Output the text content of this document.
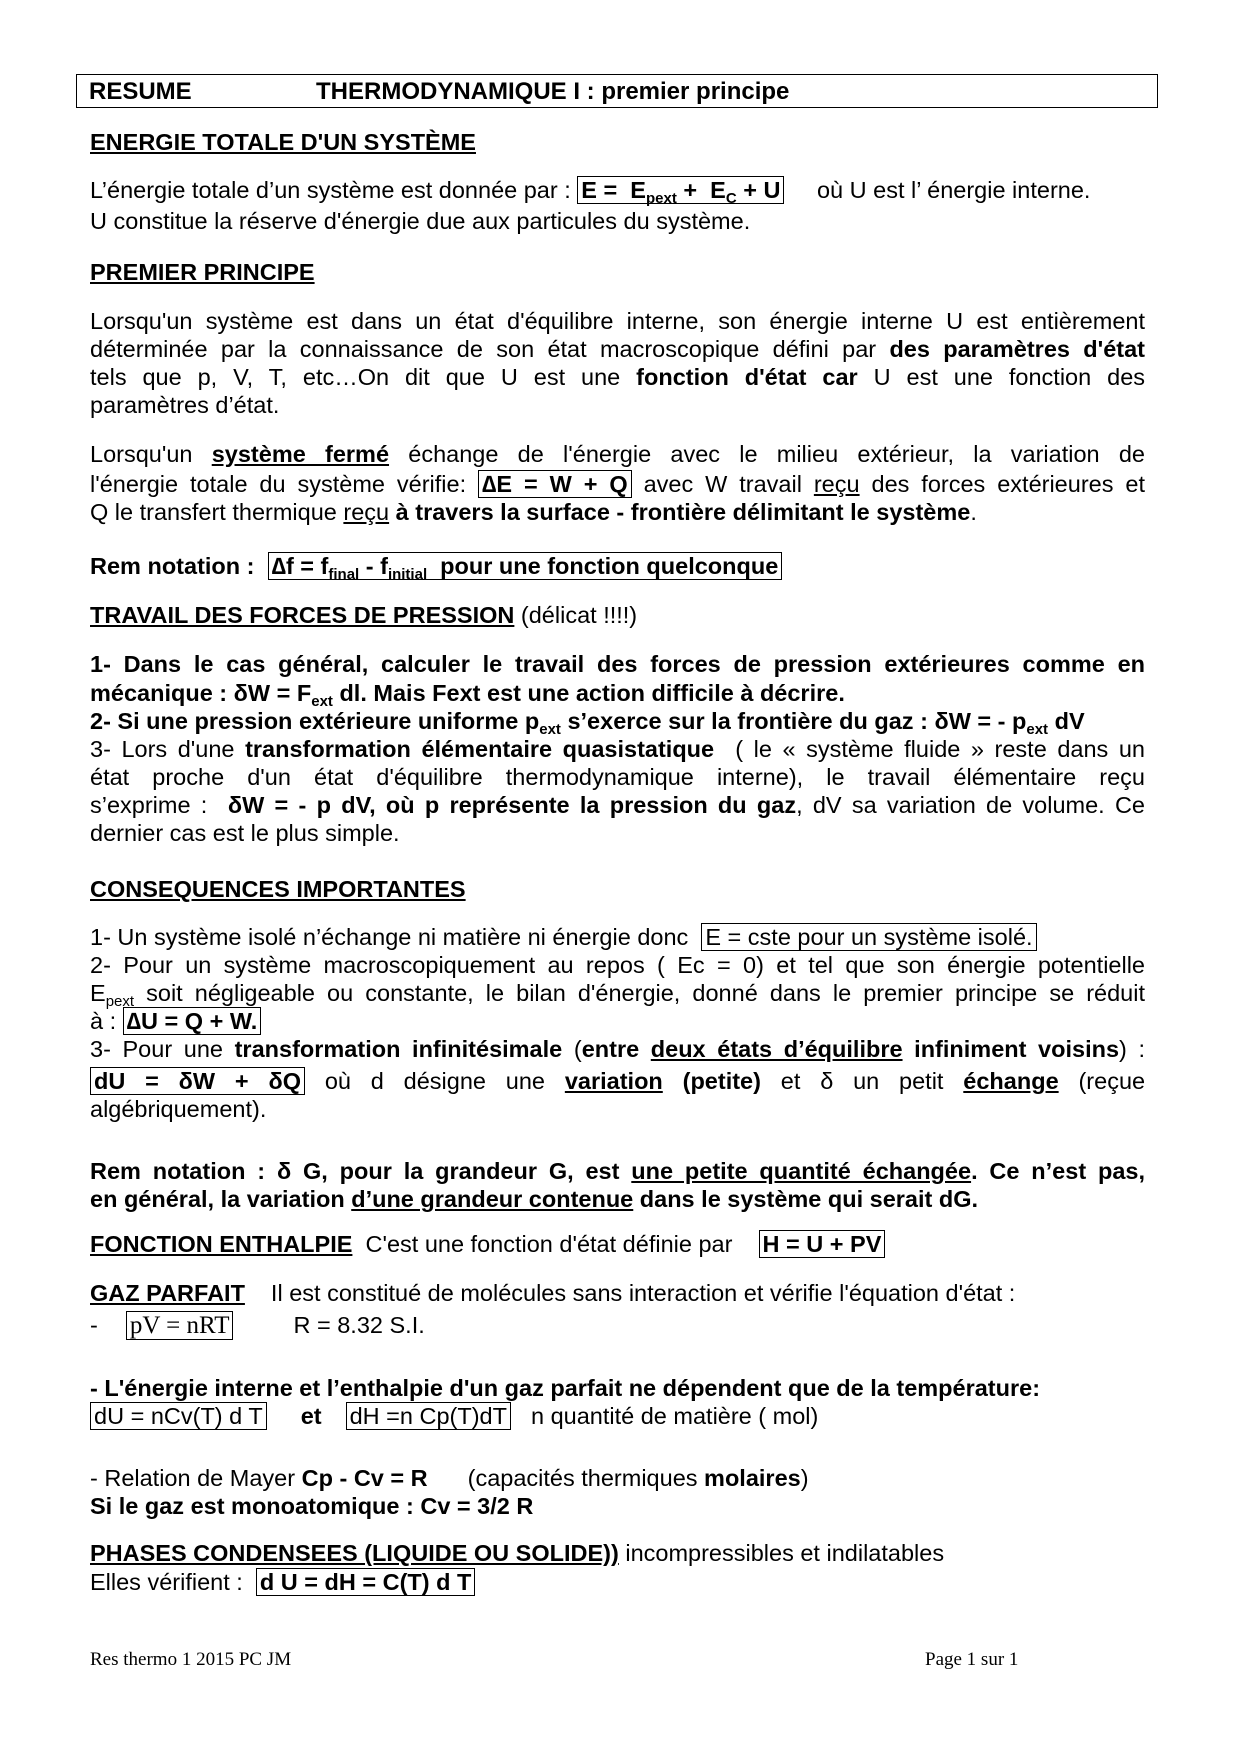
RESUME	THERMODYNAMIQUE I : premier principe
ENERGIE TOTALE D'UN SYSTÈME
L’énergie totale d’un système est donnée par : $E = E_{pext} + E_C + U$ où U est l’ énergie interne.
U constitue la réserve d'énergie due aux particules du système.
PREMIER PRINCIPE
Lorsqu'un système est dans un état d'équilibre interne, son énergie interne U est entièrement
déterminée par la connaissance de son état macroscopique défini par des paramètres d'état
tels que p, V, T, etc…On dit que U est une fonction d'état car U est une fonction des
paramètres d’état.
Lorsqu'un système fermé échange de l'énergie avec le milieu extérieur, la variation de
l'énergie totale du système vérifie: ∆E = W + Q avec W travail reçu des forces extérieures et
Q le transfert thermique reçu à travers la surface - frontière délimitant le système.
Rem notation : $\Delta f = f_{final} - f_{initial}$ pour une fonction quelconque
TRAVAIL DES FORCES DE PRESSION (délicat !!!!)
1- Dans le cas général, calculer le travail des forces de pression extérieures comme en
mécanique : $\delta W = F_{ext}$ dl. Mais Fext est une action difficile à décrire.
2- Si une pression extérieure uniforme $p_{ext}$ s’exerce sur la frontière du gaz : δW = - $p_{ext}$ dV
3- Lors d'une transformation élémentaire quasistatique ( le « système fluide » reste dans un
état proche d'un état d'équilibre thermodynamique interne), le travail élémentaire reçu
s’exprime : δW = - p dV, où p représente la pression du gaz, dV sa variation de volume. Ce
dernier cas est le plus simple.
CONSEQUENCES IMPORTANTES
1- Un système isolé n’échange ni matière ni énergie donc E = cste pour un système isolé.
2- Pour un système macroscopiquement au repos ( Ec = 0) et tel que son énergie potentielle
$E_{pext}$ soit négligeable ou constante, le bilan d'énergie, donné dans le premier principe se réduit
à : ∆U = Q + W.
3- Pour une transformation infinitésimale (entre deux états d’équilibre infiniment voisins) :
dU = δW + δQ où d désigne une variation (petite) et δ un petit échange (reçue
algébriquement).
Rem notation : δ G, pour la grandeur G, est une petite quantité échangée. Ce n’est pas,
en général, la variation d’une grandeur contenue dans le système qui serait dG.
FONCTION ENTHALPIE C'est une fonction d'état définie par H = U + PV
GAZ PARFAIT Il est constitué de molécules sans interaction et vérifie l'équation d'état :
- pV = nRT	R = 8.32 S.I.
- L'énergie interne et l’enthalpie d'un gaz parfait ne dépendent que de la température:
dU = nCv(T) d T et dH =n Cp(T)dT n quantité de matière ( mol)
- Relation de Mayer Cp - Cv = R (capacités thermiques molaires)
Si le gaz est monoatomique : Cv = 3/2 R
PHASES CONDENSEES (LIQUIDE OU SOLIDE)) incompressibles et indilatables
Elles vérifient : d U = dH = C(T) d T
Res thermo 1 2015 PC JM	Page 1 sur 1
